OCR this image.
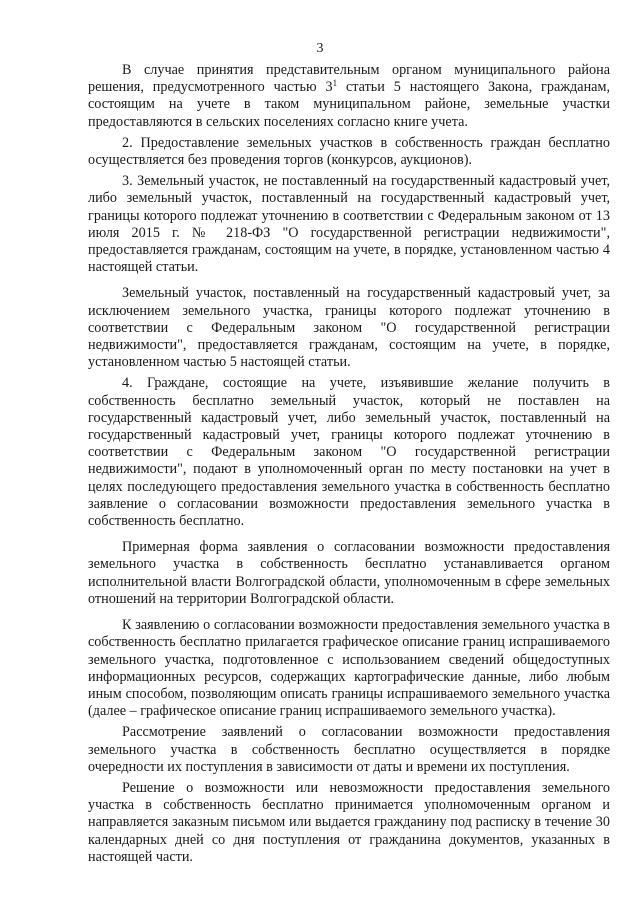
3

В случае принятия представительным органом муниципального района решения, предусмотренного частью $3^1$ статьи 5 настоящего Закона, гражданам, состоящим на учете в таком муниципальном районе, земельные участки предоставляются в сельских поселениях согласно книге учета.

2. Предоставление земельных участков в собственность граждан бесплатно осуществляется без проведения торгов (конкурсов, аукционов).

3. Земельный участок, не поставленный на государственный кадастровый учет, либо земельный участок, поставленный на государственный кадастровый учет, границы которого подлежат уточнению в соответствии с Федеральным законом от 13 июля 2015 г. № 218-ФЗ "О государственной регистрации недвижимости", предоставляется гражданам, состоящим на учете, в порядке, установленном частью 4 настоящей статьи.

Земельный участок, поставленный на государственный кадастровый учет, за исключением земельного участка, границы которого подлежат уточнению в соответствии с Федеральным законом "О государственной регистрации недвижимости", предоставляется гражданам, состоящим на учете, в порядке, установленном частью 5 настоящей статьи.

4. Граждане, состоящие на учете, изъявившие желание получить в собственность бесплатно земельный участок, который не поставлен на государственный кадастровый учет, либо земельный участок, поставленный на государственный кадастровый учет, границы которого подлежат уточнению в соответствии с Федеральным законом "О государственной регистрации недвижимости", подают в уполномоченный орган по месту постановки на учет в целях последующего предоставления земельного участка в собственность бесплатно заявление о согласовании возможности предоставления земельного участка в собственность бесплатно.

Примерная форма заявления о согласовании возможности предоставления земельного участка в собственность бесплатно устанавливается органом исполнительной власти Волгоградской области, уполномоченным в сфере земельных отношений на территории Волгоградской области.

К заявлению о согласовании возможности предоставления земельного участка в собственность бесплатно прилагается графическое описание границ испрашиваемого земельного участка, подготовленное с использованием сведений общедоступных информационных ресурсов, содержащих картографические данные, либо любым иным способом, позволяющим описать границы испрашиваемого земельного участка (далее – графическое описание границ испрашиваемого земельного участка).

Рассмотрение заявлений о согласовании возможности предоставления земельного участка в собственность бесплатно осуществляется в порядке очередности их поступления в зависимости от даты и времени их поступления.

Решение о возможности или невозможности предоставления земельного участка в собственность бесплатно принимается уполномоченным органом и направляется заказным письмом или выдается гражданину под расписку в течение 30 календарных дней со дня поступления от гражданина документов, указанных в настоящей части.
